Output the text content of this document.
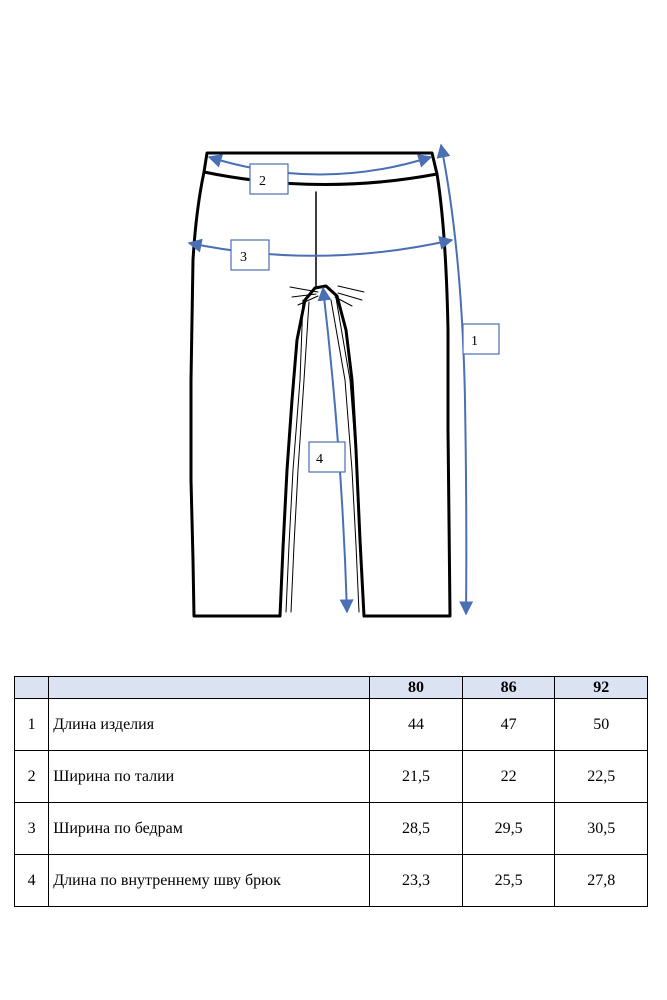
1
2
3
4
		80	86	92
1	Длина изделия	44	47	50
2	Ширина по талии	21,5	22	22,5
3	Ширина по бедрам	28,5	29,5	30,5
4	Длина по внутреннему шву брюк	23,3	25,5	27,8
